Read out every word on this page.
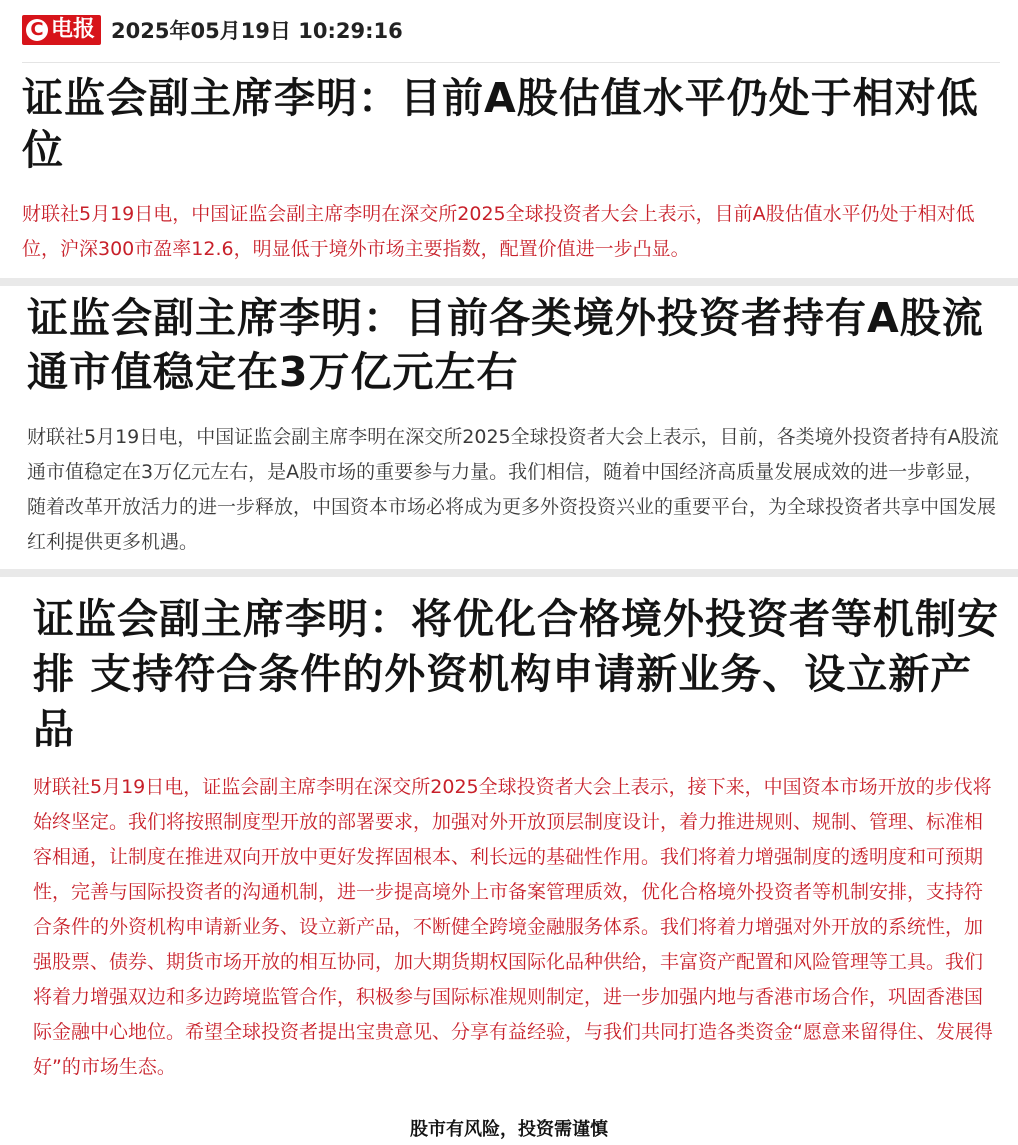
C 电报 2025年05月19日 10:29:16
证监会副主席李明：目前A股估值水平仍处于相对低位

财联社5月19日电，中国证监会副主席李明在深交所2025全球投资者大会上表示，目前A股估值水平仍处于相对低位，沪深300市盈率12.6，明显低于境外市场主要指数，配置价值进一步凸显。

证监会副主席李明：目前各类境外投资者持有A股流通市值稳定在3万亿元左右

财联社5月19日电，中国证监会副主席李明在深交所2025全球投资者大会上表示，目前，各类境外投资者持有A股流通市值稳定在3万亿元左右，是A股市场的重要参与力量。我们相信，随着中国经济高质量发展成效的进一步彰显，随着改革开放活力的进一步释放，中国资本市场必将成为更多外资投资兴业的重要平台，为全球投资者共享中国发展红利提供更多机遇。

证监会副主席李明：将优化合格境外投资者等机制安排 支持符合条件的外资机构申请新业务、设立新产品

财联社5月19日电，证监会副主席李明在深交所2025全球投资者大会上表示，接下来，中国资本市场开放的步伐将始终坚定。我们将按照制度型开放的部署要求，加强对外开放顶层制度设计，着力推进规则、规制、管理、标准相容相通，让制度在推进双向开放中更好发挥固根本、利长远的基础性作用。我们将着力增强制度的透明度和可预期性，完善与国际投资者的沟通机制，进一步提高境外上市备案管理质效，优化合格境外投资者等机制安排，支持符合条件的外资机构申请新业务、设立新产品，不断健全跨境金融服务体系。我们将着力增强对外开放的系统性，加强股票、债券、期货市场开放的相互协同，加大期货期权国际化品种供给，丰富资产配置和风险管理等工具。我们将着力增强双边和多边跨境监管合作，积极参与国际标准规则制定，进一步加强内地与香港市场合作，巩固香港国际金融中心地位。希望全球投资者提出宝贵意见、分享有益经验，与我们共同打造各类资金“愿意来留得住、发展得好”的市场生态。

股市有风险，投资需谨慎
